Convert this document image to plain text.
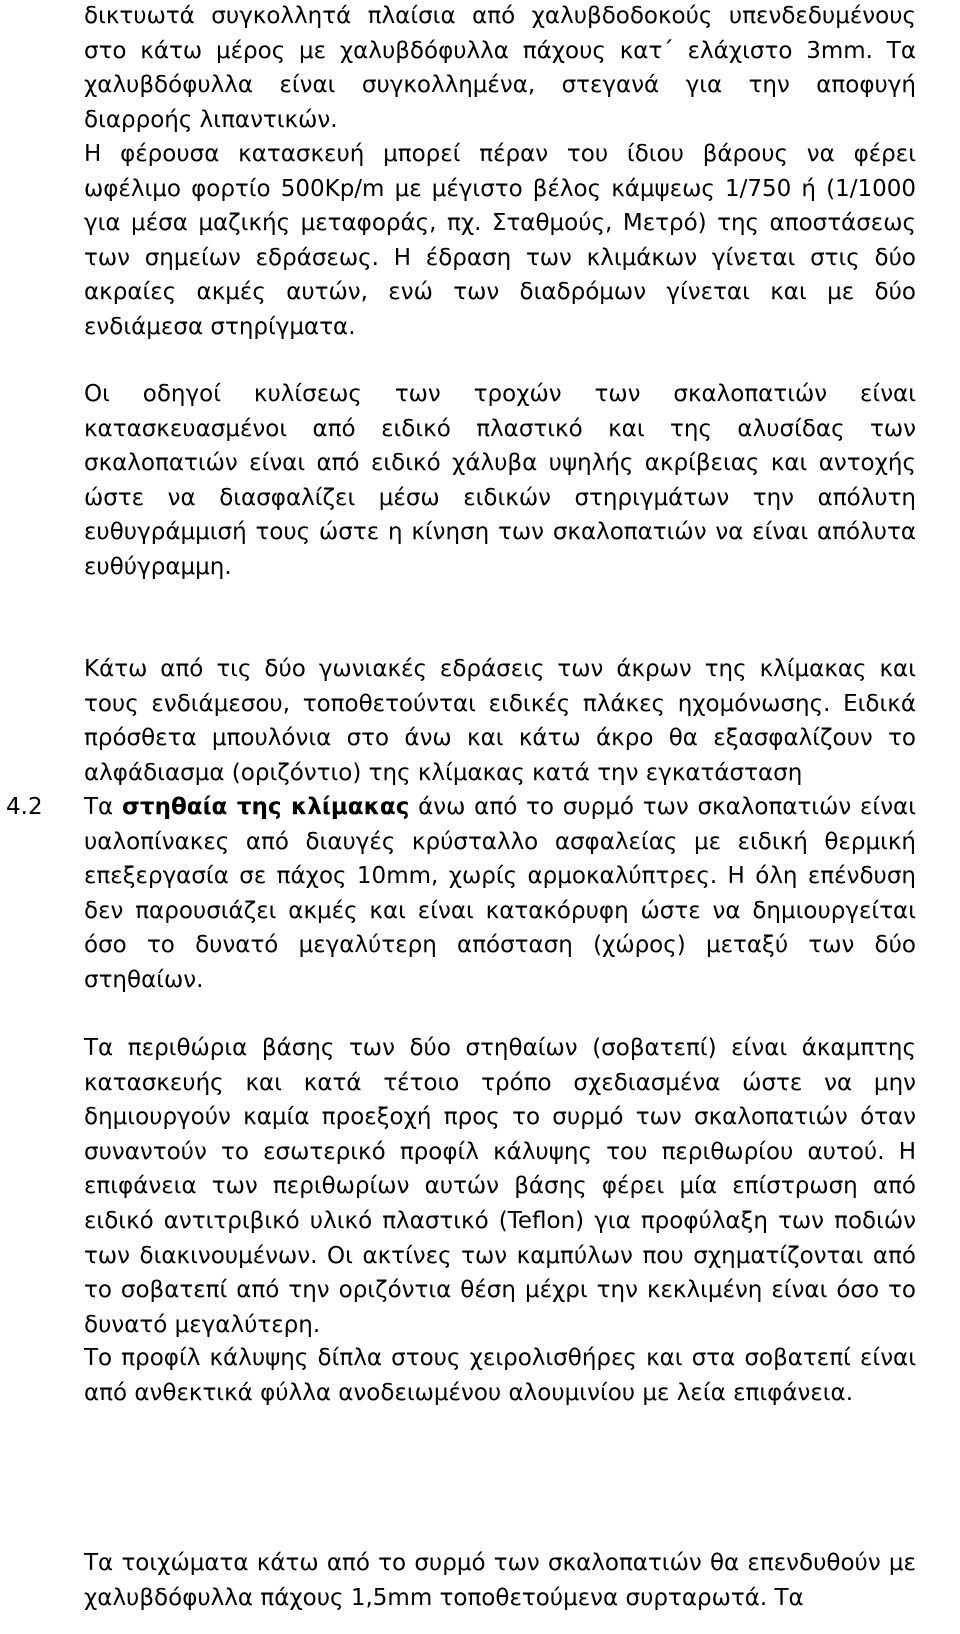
δικτυωτά συγκολλητά πλαίσια από χαλυβδοδοκούς υπενδεδυμένους στο κάτω μέρος με χαλυβδόφυλλα πάχους κατ΄ ελάχιστο 3mm. Τα χαλυβδόφυλλα είναι συγκολλημένα, στεγανά για την αποφυγή διαρροής λιπαντικών.

Η φέρουσα κατασκευή μπορεί πέραν του ίδιου βάρους να φέρει ωφέλιμο φορτίο 500Kp/m με μέγιστο βέλος κάμψεως 1/750 ή (1/1000 για μέσα μαζικής μεταφοράς, πχ. Σταθμούς, Μετρό) της αποστάσεως των σημείων εδράσεως. Η έδραση των κλιμάκων γίνεται στις δύο ακραίες ακμές αυτών, ενώ των διαδρόμων γίνεται και με δύο ενδιάμεσα στηρίγματα.

Οι οδηγοί κυλίσεως των τροχών των σκαλοπατιών είναι κατασκευασμένοι από ειδικό πλαστικό και της αλυσίδας των σκαλοπατιών είναι από ειδικό χάλυβα υψηλής ακρίβειας και αντοχής ώστε να διασφαλίζει μέσω ειδικών στηριγμάτων την απόλυτη ευθυγράμμισή τους ώστε η κίνηση των σκαλοπατιών να είναι απόλυτα ευθύγραμμη.

Κάτω από τις δύο γωνιακές εδράσεις των άκρων της κλίμακας και τους ενδιάμεσου, τοποθετούνται ειδικές πλάκες ηχομόνωσης. Ειδικά πρόσθετα μπουλόνια στο άνω και κάτω άκρο θα εξασφαλίζουν το αλφάδιασμα (οριζόντιο) της κλίμακας κατά την εγκατάσταση

4.2 Τα στηθαία της κλίμακας άνω από το συρμό των σκαλοπατιών είναι υαλοπίνακες από διαυγές κρύσταλλο ασφαλείας με ειδική θερμική επεξεργασία σε πάχος 10mm, χωρίς αρμοκαλύπτρες. Η όλη επένδυση δεν παρουσιάζει ακμές και είναι κατακόρυφη ώστε να δημιουργείται όσο το δυνατό μεγαλύτερη απόσταση (χώρος) μεταξύ των δύο στηθαίων.

Τα περιθώρια βάσης των δύο στηθαίων (σοβατεπί) είναι άκαμπτης κατασκευής και κατά τέτοιο τρόπο σχεδιασμένα ώστε να μην δημιουργούν καμία προεξοχή προς το συρμό των σκαλοπατιών όταν συναντούν το εσωτερικό προφίλ κάλυψης του περιθωρίου αυτού. Η επιφάνεια των περιθωρίων αυτών βάσης φέρει μία επίστρωση από ειδικό αντιτριβικό υλικό πλαστικό (Teflon) για προφύλαξη των ποδιών των διακινουμένων. Οι ακτίνες των καμπύλων που σχηματίζονται από το σοβατεπί από την οριζόντια θέση μέχρι την κεκλιμένη είναι όσο το δυνατό μεγαλύτερη.

Το προφίλ κάλυψης δίπλα στους χειρολισθήρες και στα σοβατεπί είναι από ανθεκτικά φύλλα ανοδειωμένου αλουμινίου με λεία επιφάνεια.

Τα τοιχώματα κάτω από το συρμό των σκαλοπατιών θα επενδυθούν με χαλυβδόφυλλα πάχους 1,5mm τοποθετούμενα συρταρωτά. Τα
